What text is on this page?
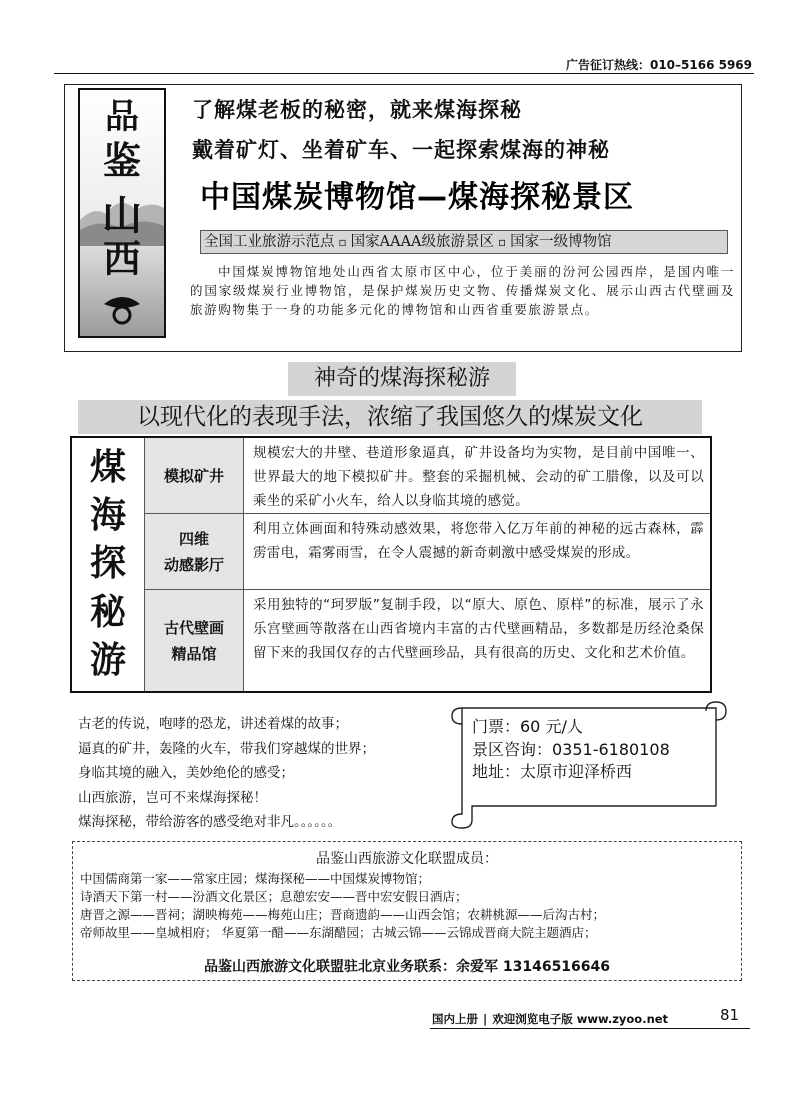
广告征订热线：010–5166 5969
品
鉴
山
西
了解煤老板的秘密，就来煤海探秘
戴着矿灯、坐着矿车、一起探索煤海的神秘
中国煤炭博物馆—煤海探秘景区
全国工业旅游示范点 ▫ 国家AAAA级旅游景区 ▫ 国家一级博物馆

中国煤炭博物馆地处山西省太原市区中心，位于美丽的汾河公园西岸，是国内唯一的国家级煤炭行业博物馆，是保护煤炭历史文物、传播煤炭文化、展示山西古代壁画及旅游购物集于一身的功能多元化的博物馆和山西省重要旅游景点。

神奇的煤海探秘游
以现代化的表现手法，浓缩了我国悠久的煤炭文化
煤
海
探
秘
游
模拟矿井
规模宏大的井壁、巷道形象逼真，矿井设备均为实物，是目前中国唯一、世界最大的地下模拟矿井。整套的采掘机械、会动的矿工腊像，以及可以乘坐的采矿小火车，给人以身临其境的感觉。
四维
动感影厅
利用立体画面和特殊动感效果，将您带入亿万年前的神秘的远古森林，霹雳雷电，霜雾雨雪，在令人震撼的新奇刺激中感受煤炭的形成。
古代壁画
精品馆
采用独特的“珂罗版”复制手段，以“原大、原色、原样”的标准，展示了永乐宫壁画等散落在山西省境内丰富的古代壁画精品，多数都是历经沧桑保留下来的我国仅存的古代壁画珍品，具有很高的历史、文化和艺术价值。

古老的传说，咆哮的恐龙，讲述着煤的故事；

逼真的矿井，轰隆的火车，带我们穿越煤的世界；

身临其境的融入，美妙绝伦的感受；

山西旅游，岂可不来煤海探秘！

煤海探秘，带给游客的感受绝对非凡。。。。。。

门票：60 元/人

景区咨询：0351-6180108

地址：太原市迎泽桥西

品鉴山西旅游文化联盟成员：

中国儒商第一家——常家庄园；煤海探秘——中国煤炭博物馆；

诗酒天下第一村——汾酒文化景区；息憩宏安——晋中宏安假日酒店；

唐晋之源——晋祠；湖映梅苑——梅苑山庄；晋商遗韵——山西会馆；农耕桃源——后沟古村；

帝师故里——皇城相府； 华夏第一醋——东湖醋园；古城云锦——云锦成晋商大院主题酒店；

品鉴山西旅游文化联盟驻北京业务联系：余爱军 13146516646
国内上册 | 欢迎浏览电子版 www.zyoo.net	81
